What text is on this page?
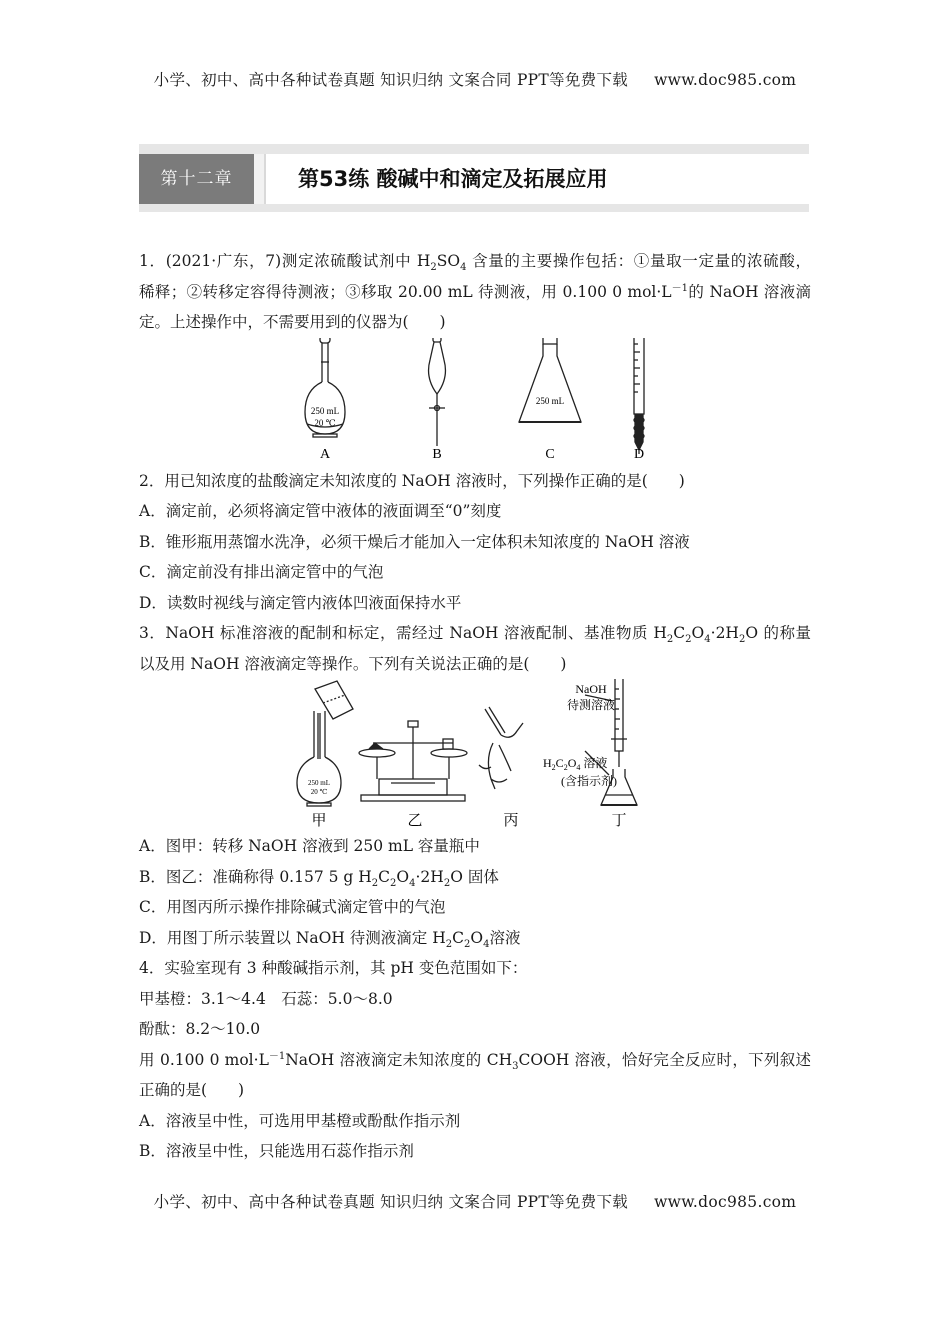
小学、初中、高中各种试卷真题 知识归纳 文案合同 PPT等免费下载 www.doc985.com
第十二章	第53练 酸碱中和滴定及拓展应用
1．(2021·广东，7)测定浓硫酸试剂中 $H_2SO_4$ 含量的主要操作包括：①量取一定量的浓硫酸，
稀释；②转移定容得待测液；③移取 20.00 mL 待测液，用 0.100 0 $mol\cdot L^{-1}$的 NaOH 溶液滴
定。上述操作中，不需要用到的仪器为(　　)
250 mL
20 ℃
250 mL
A	B	C	D
2．用已知浓度的盐酸滴定未知浓度的 NaOH 溶液时，下列操作正确的是(　　)
A．滴定前，必须将滴定管中液体的液面调至“0”刻度
B．锥形瓶用蒸馏水洗净，必须干燥后才能加入一定体积未知浓度的 NaOH 溶液
C．滴定前没有排出滴定管中的气泡
D．读数时视线与滴定管内液体凹液面保持水平
3．NaOH 标准溶液的配制和标定，需经过 NaOH 溶液配制、基准物质 $H_2C_2O_4\cdot 2H_2O$ 的称量
以及用 NaOH 溶液滴定等操作。下列有关说法正确的是(　　)
250 mL
20 ℃
NaOH
待测溶液
$H_2C_2O_4$ 溶液
(含指示剂)
甲	乙	丙	丁
A．图甲：转移 NaOH 溶液到 250 mL 容量瓶中
B．图乙：准确称得 0.157 5 g $H_2C_2O_4\cdot 2H_2O$ 固体
C．用图丙所示操作排除碱式滴定管中的气泡
D．用图丁所示装置以 NaOH 待测液滴定 $H_2C_2O_4$溶液
4．实验室现有 3 种酸碱指示剂，其 pH 变色范围如下：
甲基橙：3.1～4.4　石蕊：5.0～8.0
酚酞：8.2～10.0
用 0.100 0 $mol\cdot L^{-1}NaOH$ 溶液滴定未知浓度的 $CH_3COOH$ 溶液，恰好完全反应时，下列叙述
正确的是(　　)
A．溶液呈中性，可选用甲基橙或酚酞作指示剂
B．溶液呈中性，只能选用石蕊作指示剂
小学、初中、高中各种试卷真题 知识归纳 文案合同 PPT等免费下载 www.doc985.com
